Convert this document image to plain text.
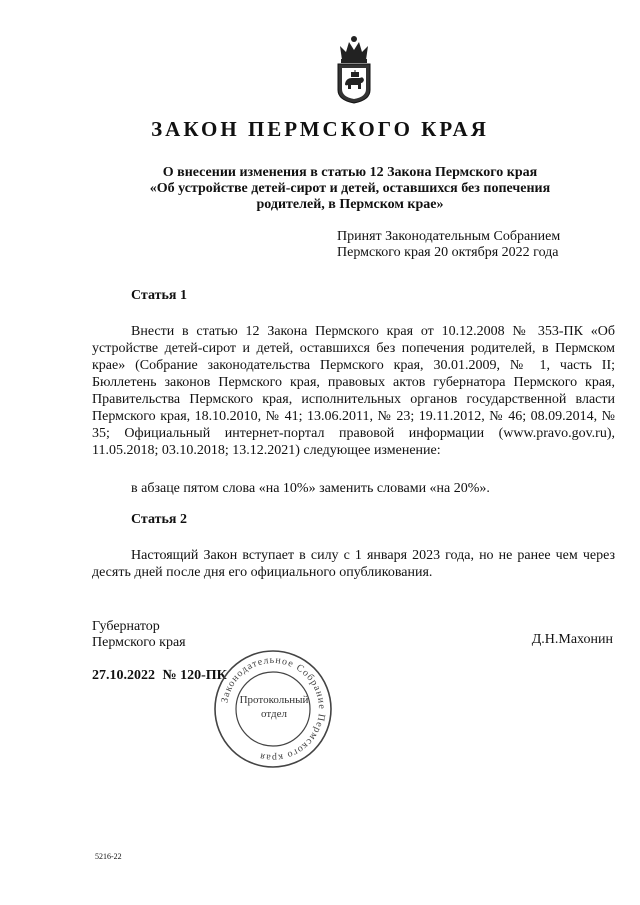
ЗАКОН ПЕРМСКОГО КРАЯ
О внесении изменения в статью 12 Закона Пермского края
«Об устройстве детей-сирот и детей, оставшихся без попечения
родителей, в Пермском крае»
Принят Законодательным Собранием
Пермского края 20 октября 2022 года
Статья 1
Внести в статью 12 Закона Пермского края от 10.12.2008 № 353-ПК «Об устройстве детей-сирот и детей, оставшихся без попечения родителей, в Пермском крае» (Собрание законодательства Пермского края, 30.01.2009, № 1, часть II; Бюллетень законов Пермского края, правовых актов губернатора Пермского края, Правительства Пермского края, исполнительных органов государственной власти Пермского края, 18.10.2010, № 41; 13.06.2011, № 23; 19.11.2012, № 46; 08.09.2014, № 35; Официальный интернет-портал правовой информации (www.pravo.gov.ru), 11.05.2018; 03.10.2018; 13.12.2021) следующее изменение:
в абзаце пятом слова «на 10%» заменить словами «на 20%».
Статья 2
Настоящий Закон вступает в силу с 1 января 2023 года, но не ранее чем через десять дней после дня его официального опубликования.
Губернатор
Пермского края	Д.Н.Махонин
27.10.2022 № 120-ПК
Законодательное Собрание Пермского края
Протокольный
отдел
5216-22
